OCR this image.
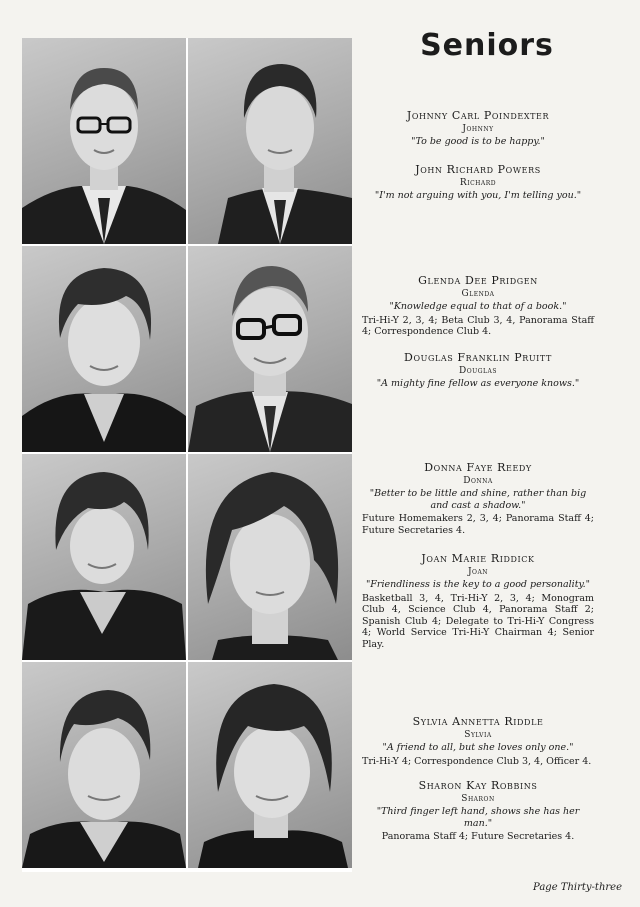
Seniors
Johnny Carl Poindexter
Johnny
"To be good is to be happy."
John Richard Powers
Richard
"I'm not arguing with you, I'm telling you."
Glenda Dee Pridgen
Glenda
"Knowledge equal to that of a book."
Tri-Hi-Y 2, 3, 4; Beta Club 3, 4, Panorama Staff 4; Correspondence Club 4.
Douglas Franklin Pruitt
Douglas
"A mighty fine fellow as everyone knows."
Donna Faye Reedy
Donna
"Better to be little and shine, rather than big and cast a shadow."
Future Homemakers 2, 3, 4; Panorama Staff 4; Future Secretaries 4.
Joan Marie Riddick
Joan
"Friendliness is the key to a good personality."
Basketball 3, 4, Tri-Hi-Y 2, 3, 4; Monogram Club 4, Science Club 4, Panorama Staff 2; Spanish Club 4; Delegate to Tri-Hi-Y Congress 4; World Service Tri-Hi-Y Chairman 4; Senior Play.
Sylvia Annetta Riddle
Sylvia
"A friend to all, but she loves only one."
Tri-Hi-Y 4; Correspondence Club 3, 4, Officer 4.
Sharon Kay Robbins
Sharon
"Third finger left hand, shows she has her man."
Panorama Staff 4; Future Secretaries 4.
Page Thirty-three
